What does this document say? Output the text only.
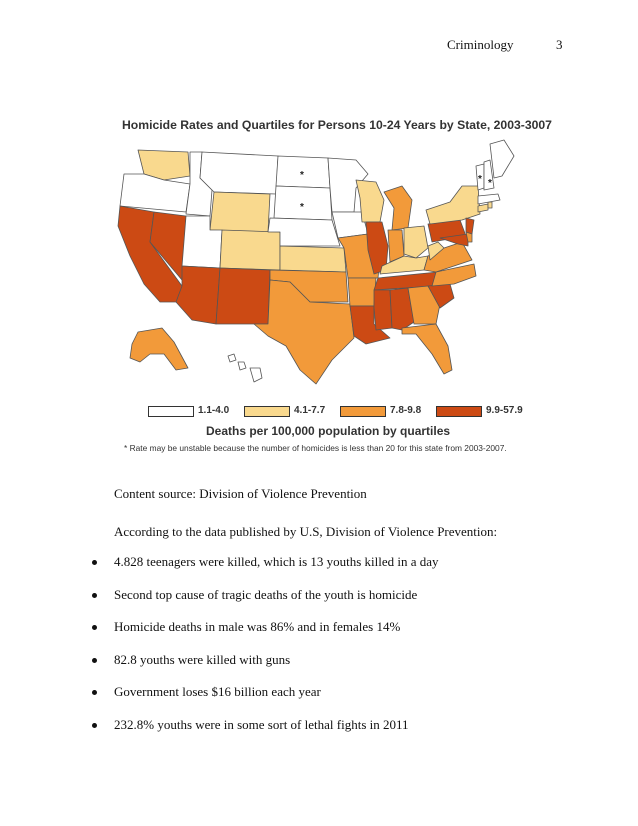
Criminology	3
Homicide Rates and Quartiles for Persons 10-24 Years by State, 2003-3007
*
*
* *
1.1-4.0	4.1-7.7	7.8-9.8	9.9-57.9
Deaths per 100,000 population by quartiles
* Rate may be unstable because the number of homicides is less than 20 for this state from 2003-2007.
Content source: Division of Violence Prevention
According to the data published by U.S, Division of Violence Prevention:
4.828 teenagers were killed, which is 13 youths killed in a day
Second top cause of tragic deaths of the youth is homicide
Homicide deaths in male was 86% and in females 14%
82.8 youths were killed with guns
Government loses $16 billion each year
232.8% youths were in some sort of lethal fights in 2011
